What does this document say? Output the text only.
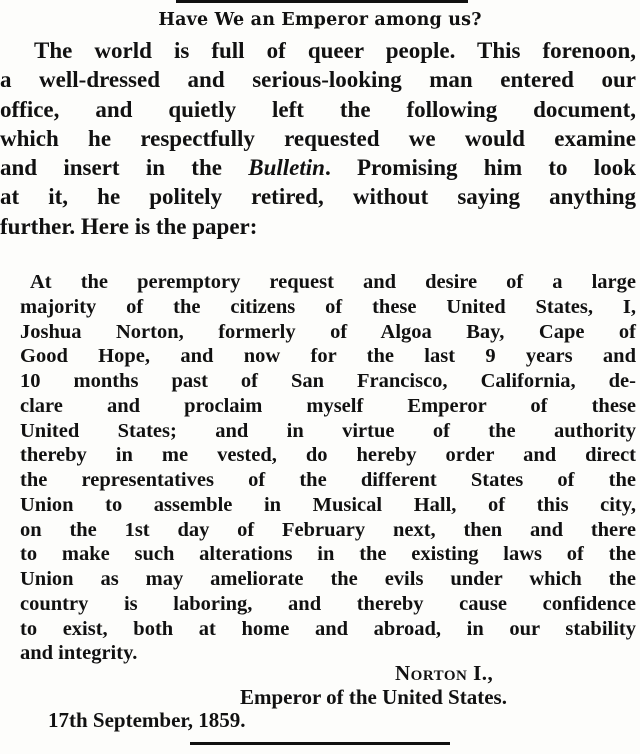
Have We an Emperor among us?
The world is full of queer people. This forenoon,
a well-dressed and serious-looking man entered our
office, and quietly left the following document,
which he respectfully requested we would examine
and insert in the Bulletin. Promising him to look
at it, he politely retired, without saying anything
further. Here is the paper:
At the peremptory request and desire of a large
majority of the citizens of these United States, I,
Joshua Norton, formerly of Algoa Bay, Cape of
Good Hope, and now for the last 9 years and
10 months past of San Francisco, California, de-
clare and proclaim myself Emperor of these
United States; and in virtue of the authority
thereby in me vested, do hereby order and direct
the representatives of the different States of the
Union to assemble in Musical Hall, of this city,
on the 1st day of February next, then and there
to make such alterations in the existing laws of the
Union as may ameliorate the evils under which the
country is laboring, and thereby cause confidence
to exist, both at home and abroad, in our stability
and integrity.
Norton I.,
Emperor of the United States.
17th September, 1859.
